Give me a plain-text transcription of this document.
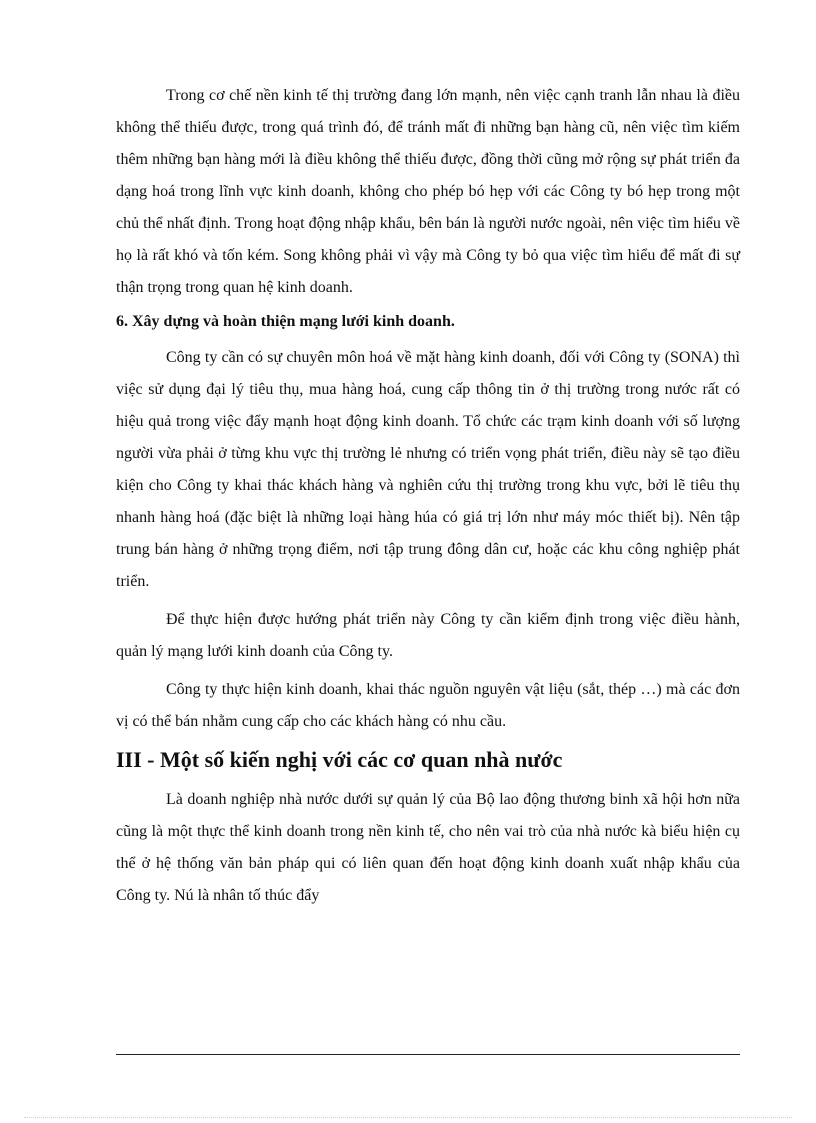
Trong cơ chế nền kinh tế thị trường đang lớn mạnh, nên việc cạnh tranh lẫn nhau là điều không thể thiếu được, trong quá trình đó, để tránh mất đi những bạn hàng cũ, nên việc tìm kiếm thêm những bạn hàng mới là điều không thể thiếu được, đồng thời cũng mở rộng sự phát triển đa dạng hoá trong lĩnh vực kinh doanh, không cho phép bó hẹp với các Công ty bó hẹp trong một chủ thể nhất định. Trong hoạt động nhập khẩu, bên bán là người nước ngoài, nên việc tìm hiểu về họ là rất khó và tốn kém. Song không phải vì vậy mà Công ty bỏ qua việc tìm hiểu để mất đi sự thận trọng trong quan hệ kinh doanh.

6. Xây dựng và hoàn thiện mạng lưới kinh doanh.

Công ty cần có sự chuyên môn hoá về mặt hàng kinh doanh, đối với Công ty (SONA) thì việc sử dụng đại lý tiêu thụ, mua hàng hoá, cung cấp thông tin ở thị trường trong nước rất có hiệu quả trong việc đẩy mạnh hoạt động kinh doanh. Tổ chức các trạm kinh doanh với số lượng người vừa phải ở từng khu vực thị trường lẻ nhưng có triển vọng phát triển, điều này sẽ tạo điều kiện cho Công ty khai thác khách hàng và nghiên cứu thị trường trong khu vực, bởi lẽ tiêu thụ nhanh hàng hoá (đặc biệt là những loại hàng húa có giá trị lớn như máy móc thiết bị). Nên tập trung bán hàng ở những trọng điểm, nơi tập trung đông dân cư, hoặc các khu công nghiệp phát triển.

Để thực hiện được hướng phát triển này Công ty cần kiểm định trong việc điều hành, quản lý mạng lưới kinh doanh của Công ty.

Công ty thực hiện kinh doanh, khai thác nguồn nguyên vật liệu (sắt, thép …) mà các đơn vị có thể bán nhằm cung cấp cho các khách hàng có nhu cầu.

III - Một số kiến nghị với các cơ quan nhà nước

Là doanh nghiệp nhà nước dưới sự quản lý của Bộ lao động thương binh xã hội hơn nữa cũng là một thực thể kinh doanh trong nền kinh tế, cho nên vai trò của nhà nước kà biểu hiện cụ thể ở hệ thống văn bản pháp qui có liên quan đến hoạt động kinh doanh xuất nhập khẩu của Công ty. Nú là nhân tố thúc đẩy
